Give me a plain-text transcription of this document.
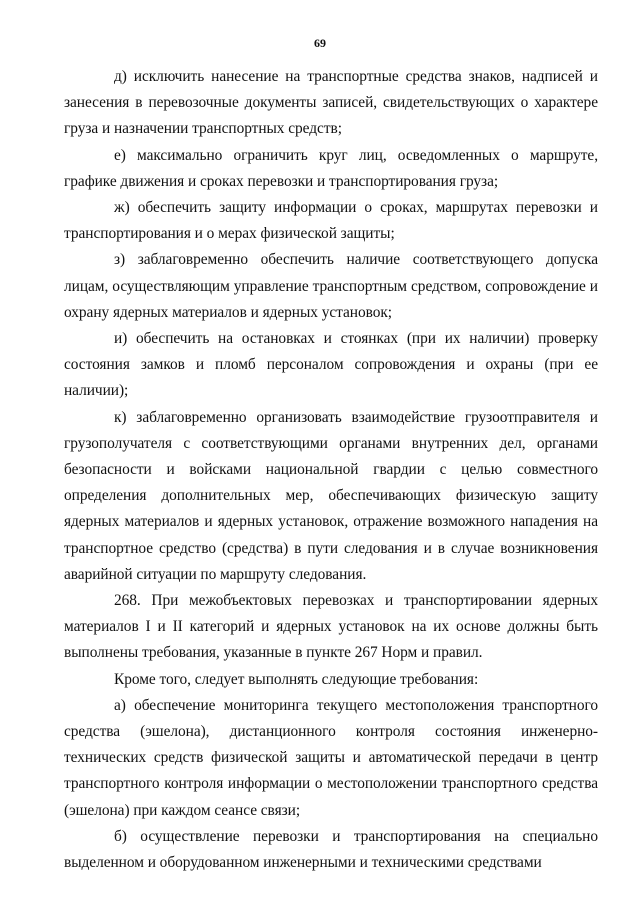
69

д) исключить нанесение на транспортные средства знаков, надписей и занесения в перевозочные документы записей, свидетельствующих о характере груза и назначении транспортных средств;

е) максимально ограничить круг лиц, осведомленных о маршруте, графике движения и сроках перевозки и транспортирования груза;

ж) обеспечить защиту информации о сроках, маршрутах перевозки и транспортирования и о мерах физической защиты;

з) заблаговременно обеспечить наличие соответствующего допуска лицам, осуществляющим управление транспортным средством, сопровождение и охрану ядерных материалов и ядерных установок;

и) обеспечить на остановках и стоянках (при их наличии) проверку состояния замков и пломб персоналом сопровождения и охраны (при ее наличии);

к) заблаговременно организовать взаимодействие грузоотправителя и грузополучателя с соответствующими органами внутренних дел, органами безопасности и войсками национальной гвардии с целью совместного определения дополнительных мер, обеспечивающих физическую защиту ядерных материалов и ядерных установок, отражение возможного нападения на транспортное средство (средства) в пути следования и в случае возникновения аварийной ситуации по маршруту следования.

268. При межобъектовых перевозках и транспортировании ядерных материалов I и II категорий и ядерных установок на их основе должны быть выполнены требования, указанные в пункте 267 Норм и правил.

Кроме того, следует выполнять следующие требования:

а) обеспечение мониторинга текущего местоположения транспортного средства (эшелона), дистанционного контроля состояния инженерно-технических средств физической защиты и автоматической передачи в центр транспортного контроля информации о местоположении транспортного средства (эшелона) при каждом сеансе связи;

б) осуществление перевозки и транспортирования на специально выделенном и оборудованном инженерными и техническими средствами
